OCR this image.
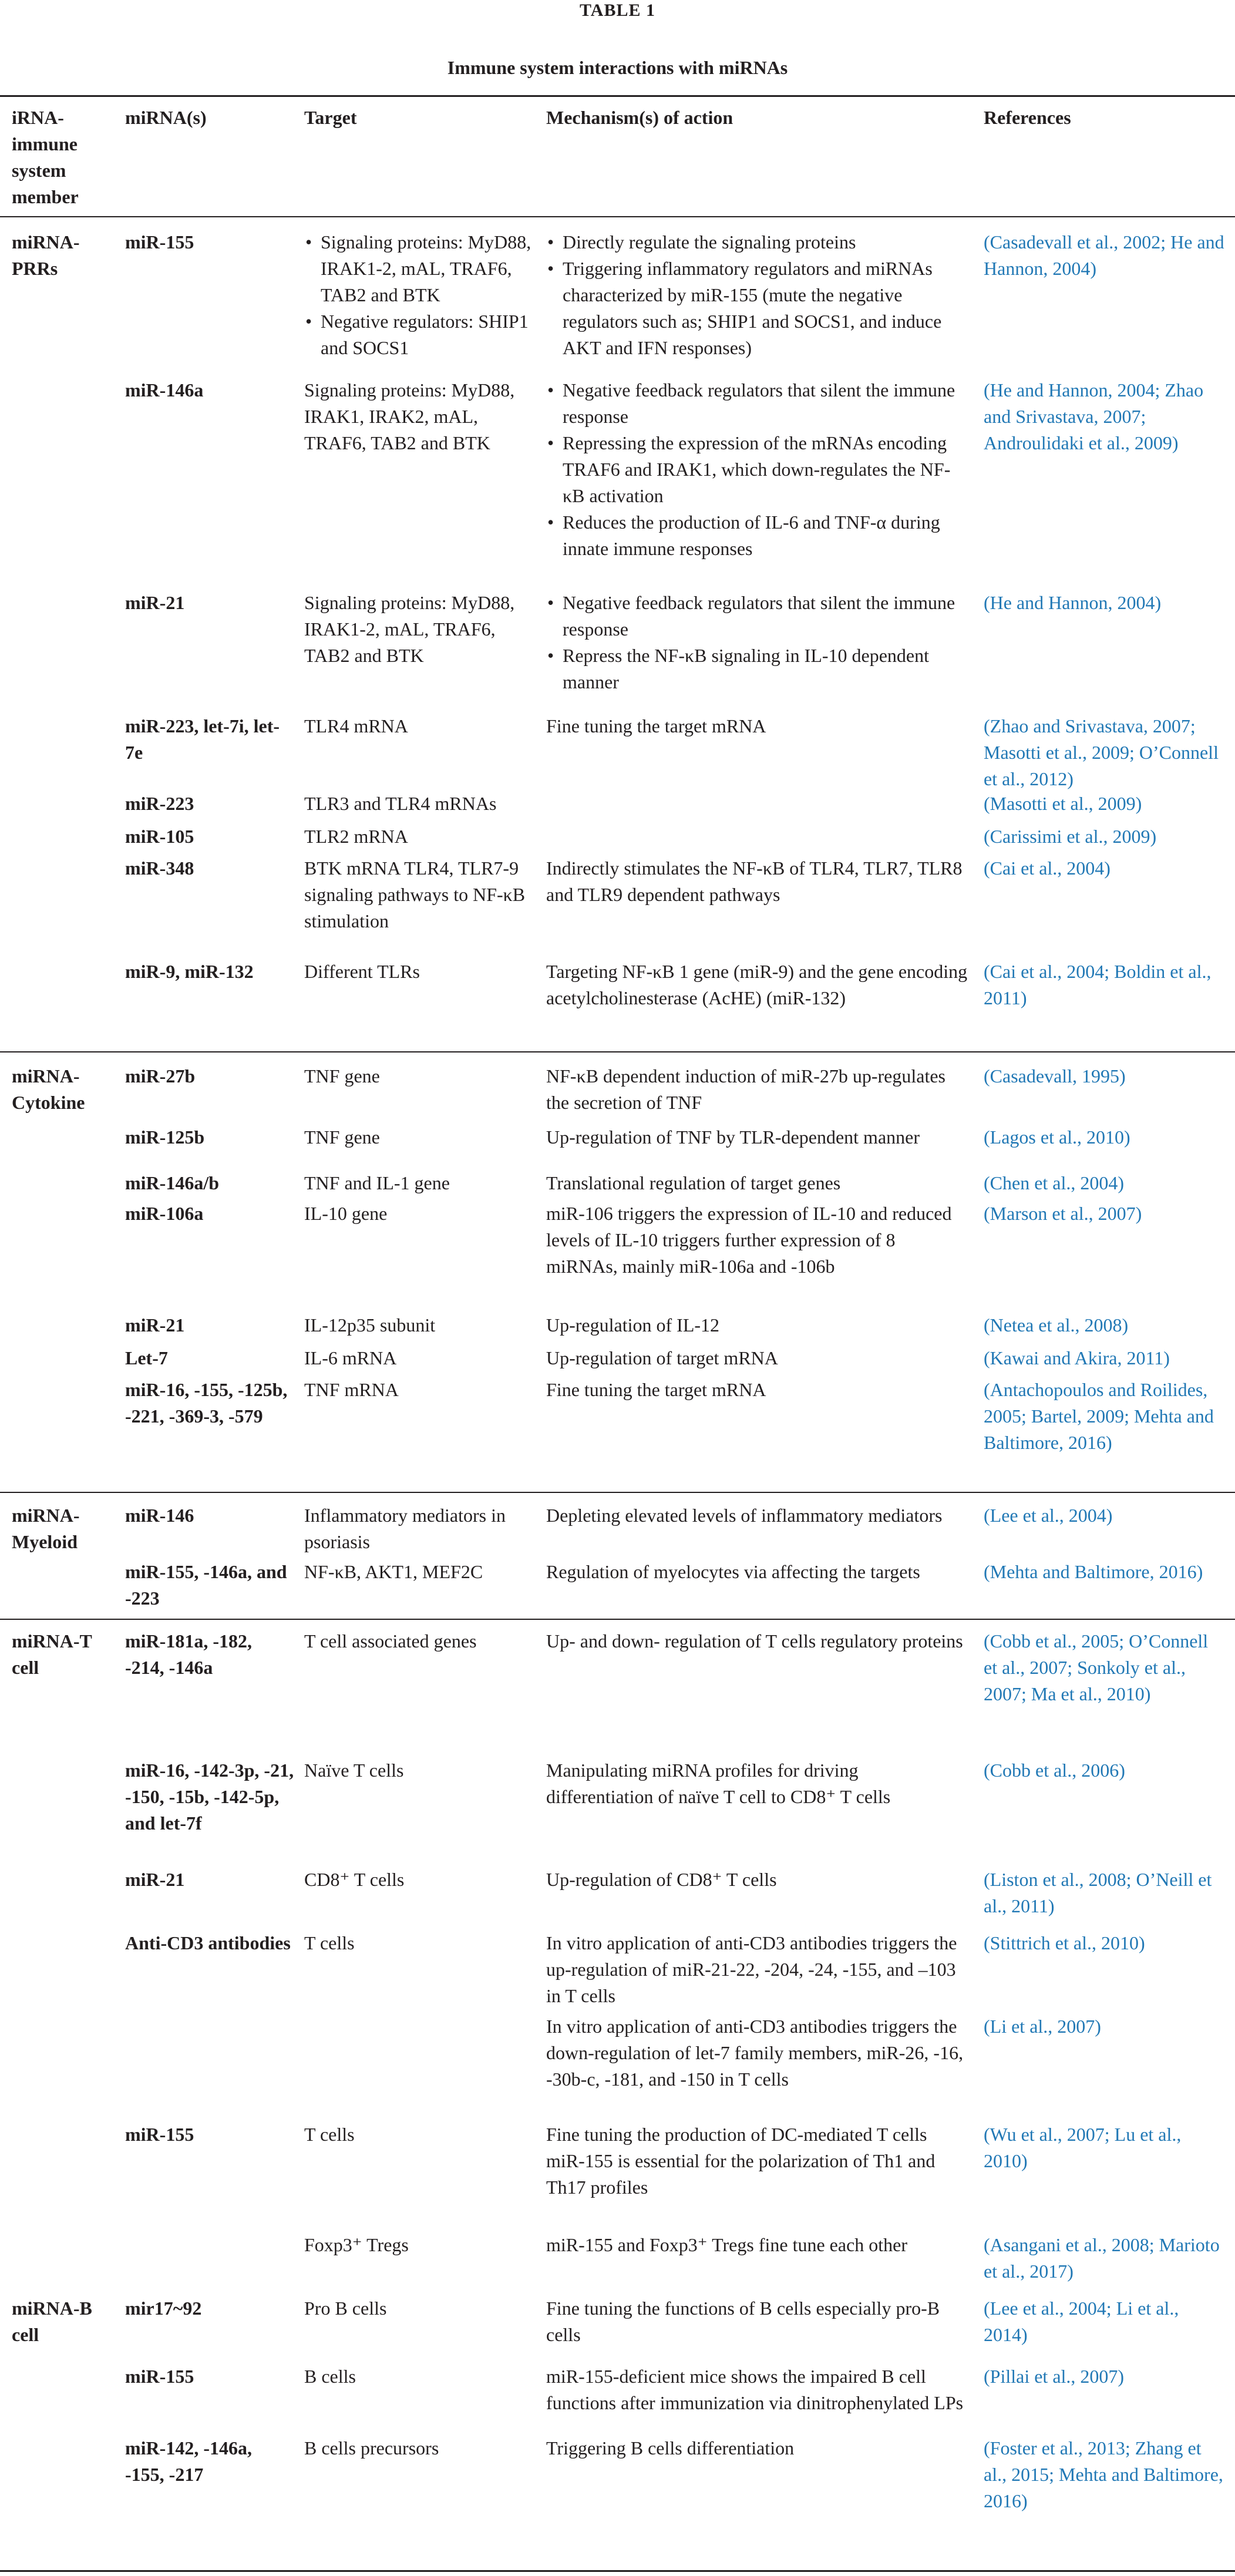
TABLE 1
Immune system interactions with miRNAs
iRNA-immune system member
miRNA(s)	Target	Mechanism(s) of action	References
miRNA-PRRs
miR-155
•	Signaling proteins: MyD88, IRAK1-2, mAL, TRAF6, TAB2 and BTK
• Negative regulators: SHIP1 and SOCS1
• Directly regulate the signaling proteins
• Triggering inflammatory regulators and miRNAs characterized by miR-155 (mute the negative regulators such as; SHIP1 and SOCS1, and induce AKT and IFN responses)
(Casadevall et al., 2002; He and Hannon, 2004)
miR-146a	Signaling proteins: MyD88, IRAK1, IRAK2, mAL, TRAF6, TAB2 and BTK
• Negative feedback regulators that silent the immune response
• Repressing the expression of the mRNAs encoding TRAF6 and IRAK1, which down-regulates the NF-κB activation
• Reduces the production of IL-6 and TNF-α during innate immune responses
(He and Hannon, 2004; Zhao and Srivastava, 2007; Androulidaki et al., 2009)
miR-21	Signaling proteins: MyD88, IRAK1-2, mAL, TRAF6, TAB2 and BTK
• Negative feedback regulators that silent the immune response
• Repress the NF-κB signaling in IL-10 dependent manner
(He and Hannon, 2004)
miR-223, let-7i, let-7e
TLR4 mRNA	Fine tuning the target mRNA	(Zhao and Srivastava, 2007; Masotti et al., 2009; O’Connell et al., 2012)
miR-223	TLR3 and TLR4 mRNAs	(Masotti et al., 2009)
miR-105	TLR2 mRNA	(Carissimi et al., 2009)
miR-348	BTK mRNA TLR4, TLR7-9 signaling pathways to NF-κB stimulation
Indirectly stimulates the NF-κB of TLR4, TLR7, TLR8 and TLR9 dependent pathways
(Cai et al., 2004)
miR-9, miR-132	Different TLRs	Targeting NF-κB 1 gene (miR-9) and the gene encoding acetylcholinesterase (AcHE) (miR-132)
(Cai et al., 2004; Boldin et al., 2011)
miRNA-Cytokine
miR-27b	TNF gene	NF-κB dependent induction of miR-27b up-regulates the secretion of TNF
(Casadevall, 1995)
miR-125b	TNF gene	Up-regulation of TNF by TLR-dependent manner	(Lagos et al., 2010)
miR-146a/b	TNF and IL-1 gene	Translational regulation of target genes	(Chen et al., 2004)
miR-106a	IL-10 gene	miR-106 triggers the expression of IL-10 and reduced levels of IL-10 triggers further expression of 8 miRNAs, mainly miR-106a and -106b
(Marson et al., 2007)
miR-21	IL-12p35 subunit	Up-regulation of IL-12	(Netea et al., 2008)
Let-7	IL-6 mRNA	Up-regulation of target mRNA	(Kawai and Akira, 2011)
miR-16, -155, -125b, -221, -369-3, -579
TNF mRNA	Fine tuning the target mRNA	(Antachopoulos and Roilides, 2005; Bartel, 2009; Mehta and Baltimore, 2016)
miRNA-Myeloid
miR-146	Inflammatory mediators in psoriasis
Depleting elevated levels of inflammatory mediators	(Lee et al., 2004)
miR-155, -146a, and -223
NF-κB, AKT1, MEF2C	Regulation of myelocytes via affecting the targets	(Mehta and Baltimore, 2016)
miRNA-T cell
miR-181a, -182, -214, -146a
T cell associated genes	Up- and down- regulation of T cells regulatory proteins	(Cobb et al., 2005; O’Connell et al., 2007; Sonkoly et al., 2007; Ma et al., 2010)
miR-16, -142-3p, -21, -150, -15b, -142-5p, and let-7f
Naïve T cells	Manipulating miRNA profiles for driving differentiation of naïve T cell to CD8⁺ T cells
(Cobb et al., 2006)
miR-21	CD8⁺ T cells	Up-regulation of CD8⁺ T cells	(Liston et al., 2008; O’Neill et al., 2011)
Anti-CD3 antibodies T cells	In vitro application of anti-CD3 antibodies triggers the up-regulation of miR-21-22, -204, -24, -155, and –103 in T cells
(Stittrich et al., 2010)
In vitro application of anti-CD3 antibodies triggers the down-regulation of let-7 family members, miR-26, -16, -30b-c, -181, and -150 in T cells
(Li et al., 2007)
miR-155	T cells	Fine tuning the production of DC-mediated T cells miR-155 is essential for the polarization of Th1 and Th17 profiles
(Wu et al., 2007; Lu et al., 2010)
Foxp3⁺ Tregs	miR-155 and Foxp3⁺ Tregs fine tune each other	(Asangani et al., 2008; Marioto et al., 2017)
miRNA-B cell
mir17~92	Pro B cells	Fine tuning the functions of B cells especially pro-B cells
(Lee et al., 2004; Li et al., 2014)
miR-155	B cells	miR-155-deficient mice shows the impaired B cell functions after immunization via dinitrophenylated LPs
(Pillai et al., 2007)
miR-142, -146a, -155, -217
B cells precursors	Triggering B cells differentiation	(Foster et al., 2013; Zhang et al., 2015; Mehta and Baltimore, 2016)
